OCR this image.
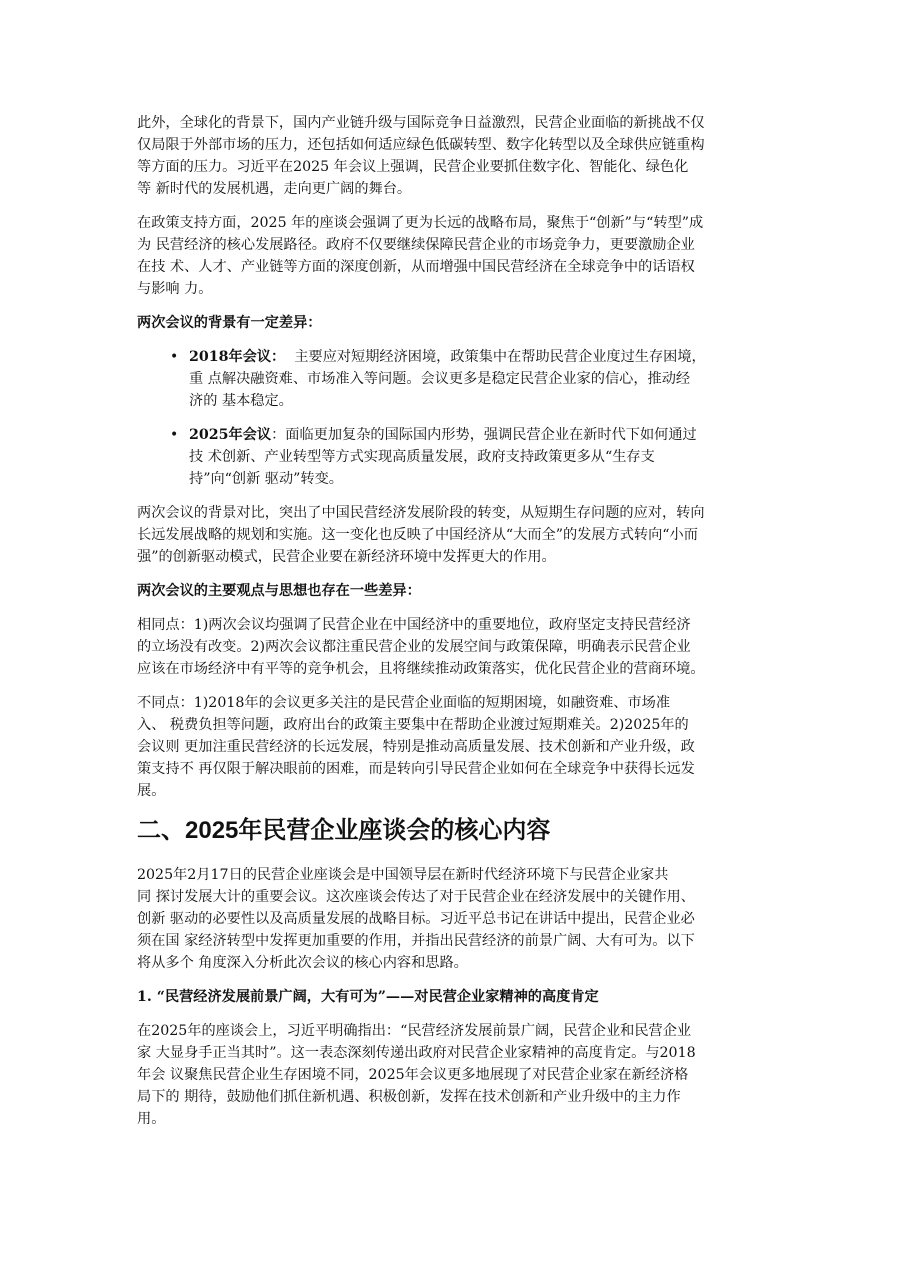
此外，全球化的背景下，国内产业链升级与国际竞争日益激烈，民营企业面临的新挑战不仅

仅局限于外部市场的压力，还包括如何适应绿色低碳转型、数字化转型以及全球供应链重构

等方面的压力。习近平在2025 年会议上强调，民营企业要抓住数字化、智能化、绿色化

等 新时代的发展机遇，走向更广阔的舞台。

在政策支持方面，2025 年的座谈会强调了更为长远的战略布局，聚焦于“创新”与“转型”成

为 民营经济的核心发展路径。政府不仅要继续保障民营企业的市场竞争力，更要激励企业

在技 术、人才、产业链等方面的深度创新，从而增强中国民营经济在全球竞争中的话语权

与影响 力。

两次会议的背景有一定差异：

• 2018年会议： 主要应对短期经济困境，政策集中在帮助民营企业度过生存困境，

重 点解决融资难、市场准入等问题。会议更多是稳定民营企业家的信心，推动经

济的 基本稳定。

• 2025年会议：面临更加复杂的国际国内形势，强调民营企业在新时代下如何通过

技 术创新、产业转型等方式实现高质量发展，政府支持政策更多从“生存支

持”向“创新 驱动”转变。

两次会议的背景对比，突出了中国民营经济发展阶段的转变，从短期生存问题的应对，转向

长远发展战略的规划和实施。这一变化也反映了中国经济从“大而全”的发展方式转向“小而

强”的创新驱动模式，民营企业要在新经济环境中发挥更大的作用。

两次会议的主要观点与思想也存在一些差异：

相同点：1)两次会议均强调了民营企业在中国经济中的重要地位，政府坚定支持民营经济

的立场没有改变。2)两次会议都注重民营企业的发展空间与政策保障，明确表示民营企业

应该在市场经济中有平等的竞争机会，且将继续推动政策落实，优化民营企业的营商环境。

不同点：1)2018年的会议更多关注的是民营企业面临的短期困境，如融资难、市场准

入、 税费负担等问题，政府出台的政策主要集中在帮助企业渡过短期难关。2)2025年的

会议则 更加注重民营经济的长远发展，特别是推动高质量发展、技术创新和产业升级，政

策支持不 再仅限于解决眼前的困难，而是转向引导民营企业如何在全球竞争中获得长远发

展。

二、2025年民营企业座谈会的核心内容

2025年2月17日的民营企业座谈会是中国领导层在新时代经济环境下与民营企业家共

同 探讨发展大计的重要会议。这次座谈会传达了对于民营企业在经济发展中的关键作用、

创新 驱动的必要性以及高质量发展的战略目标。习近平总书记在讲话中提出，民营企业必

须在国 家经济转型中发挥更加重要的作用，并指出民营经济的前景广阔、大有可为。以下

将从多个 角度深入分析此次会议的核心内容和思路。

1. “民营经济发展前景广阔，大有可为”——对民营企业家精神的高度肯定

在2025年的座谈会上，习近平明确指出：“民营经济发展前景广阔，民营企业和民营企业

家 大显身手正当其时”。这一表态深刻传递出政府对民营企业家精神的高度肯定。与2018

年会 议聚焦民营企业生存困境不同，2025年会议更多地展现了对民营企业家在新经济格

局下的 期待，鼓励他们抓住新机遇、积极创新，发挥在技术创新和产业升级中的主力作

用。
